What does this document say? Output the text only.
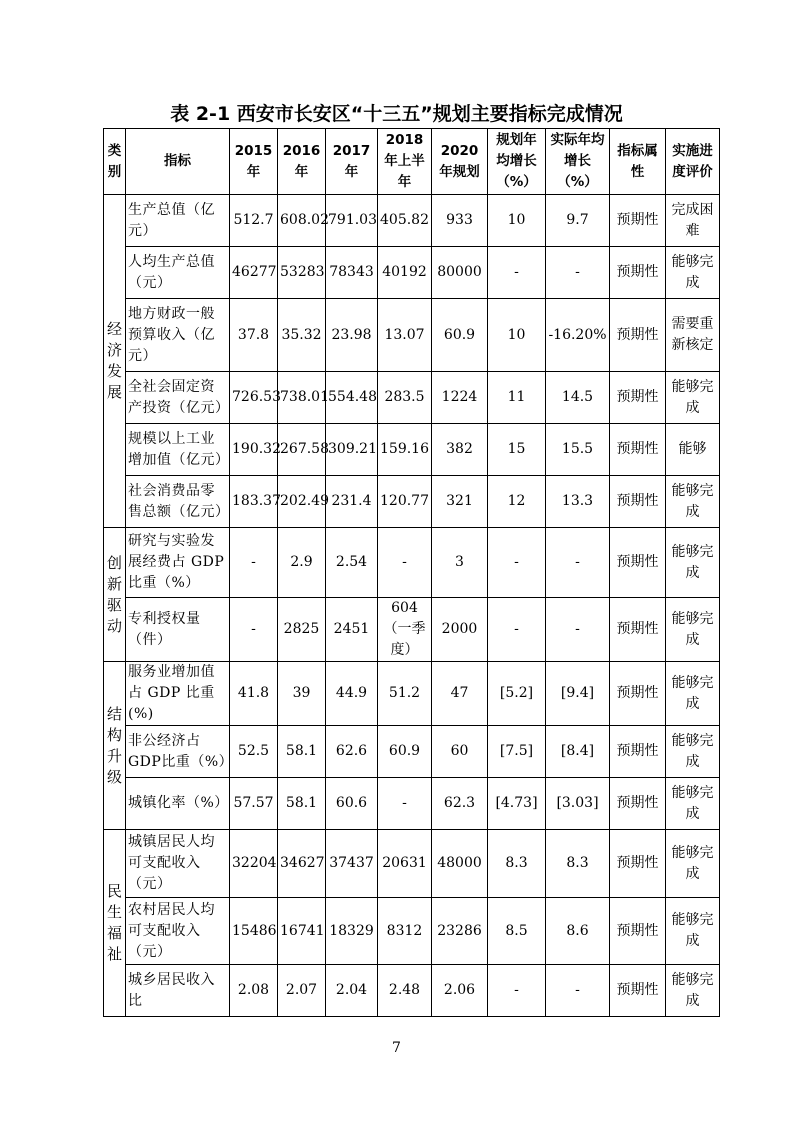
表 2-1 西安市长安区“十三五”规划主要指标完成情况
类别	指标	2015年	2016年	2017年	2018年上半年	2020年规划	规划年均增长（%）	实际年均增长（%）	指标属性	实施进度评价

经
济
发
展	生产总值（亿元）	512.7	608.02	791.03	405.82	933	10	9.7	预期性	完成困难
	人均生产总值（元）	46277	53283	78343	40192	80000	-	-	预期性	能够完成
	地方财政一般预算收入（亿元）	37.8	35.32	23.98	13.07	60.9	10	-16.20%	预期性	需要重新核定
	全社会固定资产投资（亿元）	726.53	738.01	554.48	283.5	1224	11	14.5	预期性	能够完成
	规模以上工业增加值（亿元）	190.32	267.58	309.21	159.16	382	15	15.5	预期性	能够
	社会消费品零售总额（亿元）	183.37	202.49	231.4	120.77	321	12	13.3	预期性	能够完成

创
新
驱
动	研究与实验发展经费占 GDP 比重（%）	-	2.9	2.54	-	3	-	-	预期性	能够完成
	专利授权量（件）	-	2825	2451	604（一季度）	2000	-	-	预期性	能够完成

结
构
升
级	服务业增加值占 GDP 比重(%)	41.8	39	44.9	51.2	47	[5.2]	[9.4]	预期性	能够完成
	非公经济占GDP比重（%）	52.5	58.1	62.6	60.9	60	[7.5]	[8.4]	预期性	能够完成
	城镇化率（%）	57.57	58.1	60.6	-	62.3	[4.73]	[3.03]	预期性	能够完成

民
生
福
祉	城镇居民人均可支配收入（元）	32204	34627	37437	20631	48000	8.3	8.3	预期性	能够完成
	农村居民人均可支配收入（元）	15486	16741	18329	8312	23286	8.5	8.6	预期性	能够完成
	城乡居民收入比	2.08	2.07	2.04	2.48	2.06	-	-	预期性	能够完成
7
